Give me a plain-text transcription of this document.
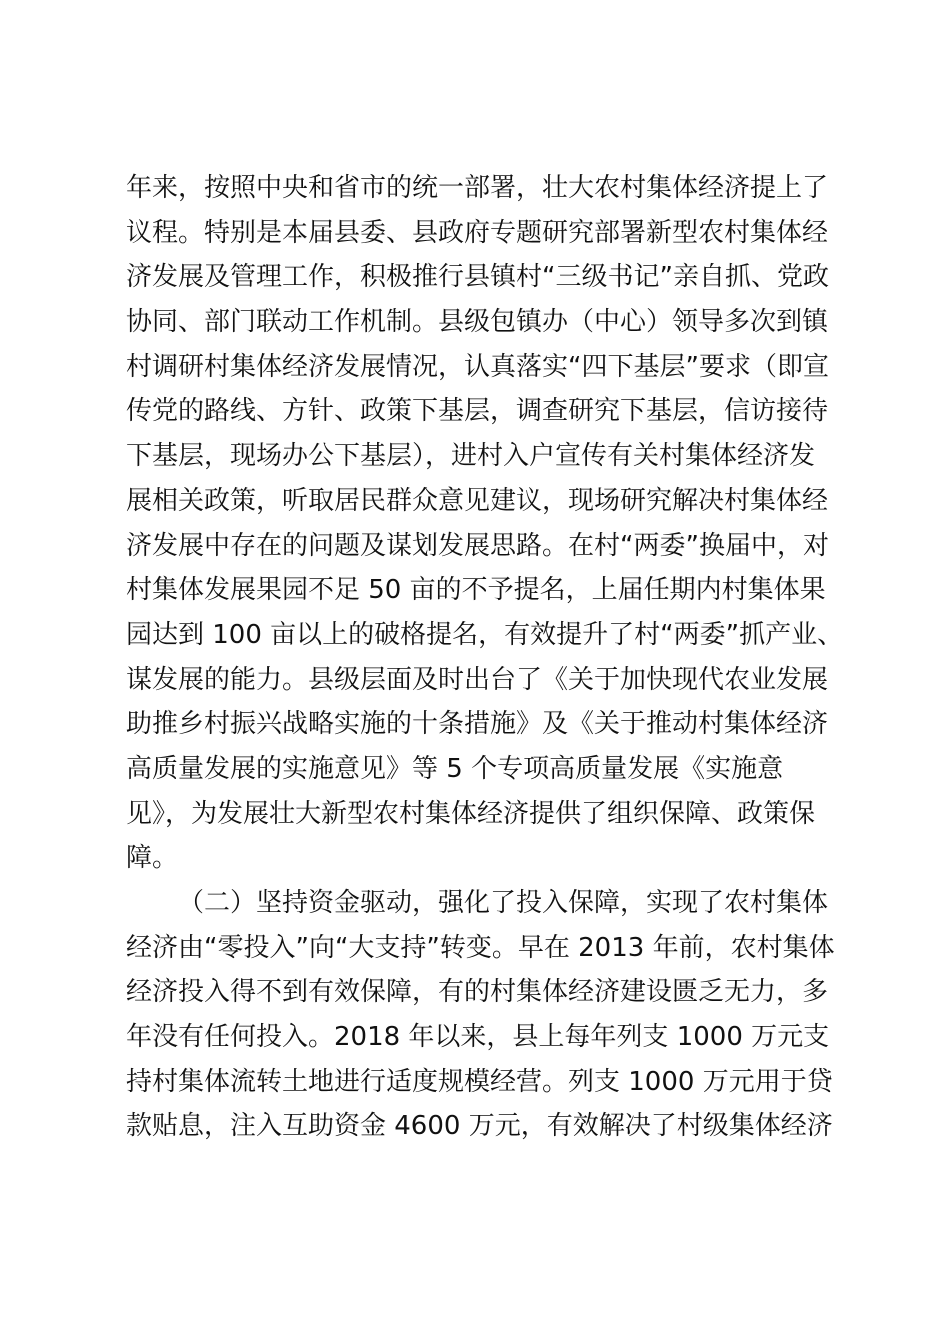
年来，按照中央和省市的统一部署，壮大农村集体经济提上了
议程。特别是本届县委、县政府专题研究部署新型农村集体经
济发展及管理工作，积极推行县镇村“三级书记”亲自抓、党政
协同、部门联动工作机制。县级包镇办（中心）领导多次到镇
村调研村集体经济发展情况，认真落实“四下基层”要求（即宣
传党的路线、方针、政策下基层，调查研究下基层，信访接待
下基层，现场办公下基层），进村入户宣传有关村集体经济发
展相关政策，听取居民群众意见建议，现场研究解决村集体经
济发展中存在的问题及谋划发展思路。在村“两委”换届中，对
村集体发展果园不足 50 亩的不予提名，上届任期内村集体果
园达到 100 亩以上的破格提名，有效提升了村“两委”抓产业、
谋发展的能力。县级层面及时出台了《关于加快现代农业发展
助推乡村振兴战略实施的十条措施》及《关于推动村集体经济
高质量发展的实施意见》等 5 个专项高质量发展《实施意
见》，为发展壮大新型农村集体经济提供了组织保障、政策保
障。
（二）坚持资金驱动，强化了投入保障，实现了农村集体
经济由“零投入”向“大支持”转变。早在 2013 年前，农村集体
经济投入得不到有效保障，有的村集体经济建设匮乏无力，多
年没有任何投入。2018 年以来，县上每年列支 1000 万元支
持村集体流转土地进行适度规模经营。列支 1000 万元用于贷
款贴息，注入互助资金 4600 万元，有效解决了村级集体经济
